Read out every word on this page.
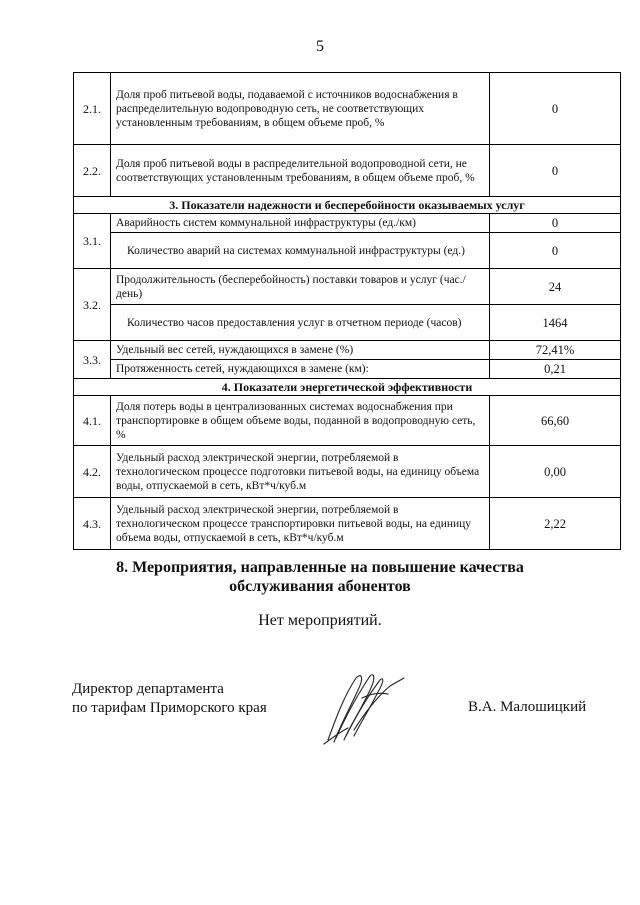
5
2.1.	Доля проб питьевой воды, подаваемой с источников водоснабжения в распределительную водопроводную сеть, не соответствующих установленным требованиям, в общем объеме проб, %	0
2.2.	Доля проб питьевой воды в распределительной водопроводной сети, не соответствующих установленным требованиям, в общем объеме проб, %	0
3. Показатели надежности и бесперебойности оказываемых услуг		
3.1.	Аварийность систем коммунальной инфраструктуры (ед./км)	0
	Количество аварий на системах коммунальной инфраструктуры (ед.)	0
3.2.	Продолжительность (бесперебойность) поставки товаров и услуг (час./день)	24
	Количество часов предоставления услуг в отчетном периоде (часов)	1464
3.3.	Удельный вес сетей, нуждающихся в замене (%)	72,41%
	Протяженность сетей, нуждающихся в замене (км):	0,21
4. Показатели энергетической эффективности		
4.1.	Доля потерь воды в централизованных системах водоснабжения при транспортировке в общем объеме воды, поданной в водопроводную сеть, %	66,60
4.2.	Удельный расход электрической энергии, потребляемой в технологическом процессе подготовки питьевой воды, на единицу объема воды, отпускаемой в сеть, кВт*ч/куб.м	0,00
4.3.	Удельный расход электрической энергии, потребляемой в технологическом процессе транспортировки питьевой воды, на единицу объема воды, отпускаемой в сеть, кВт*ч/куб.м	2,22
8. Мероприятия, направленные на повышение качества
обслуживания абонентов
Нет мероприятий.
Директор департамента
по тарифам Приморского края	В.А. Малошицкий
